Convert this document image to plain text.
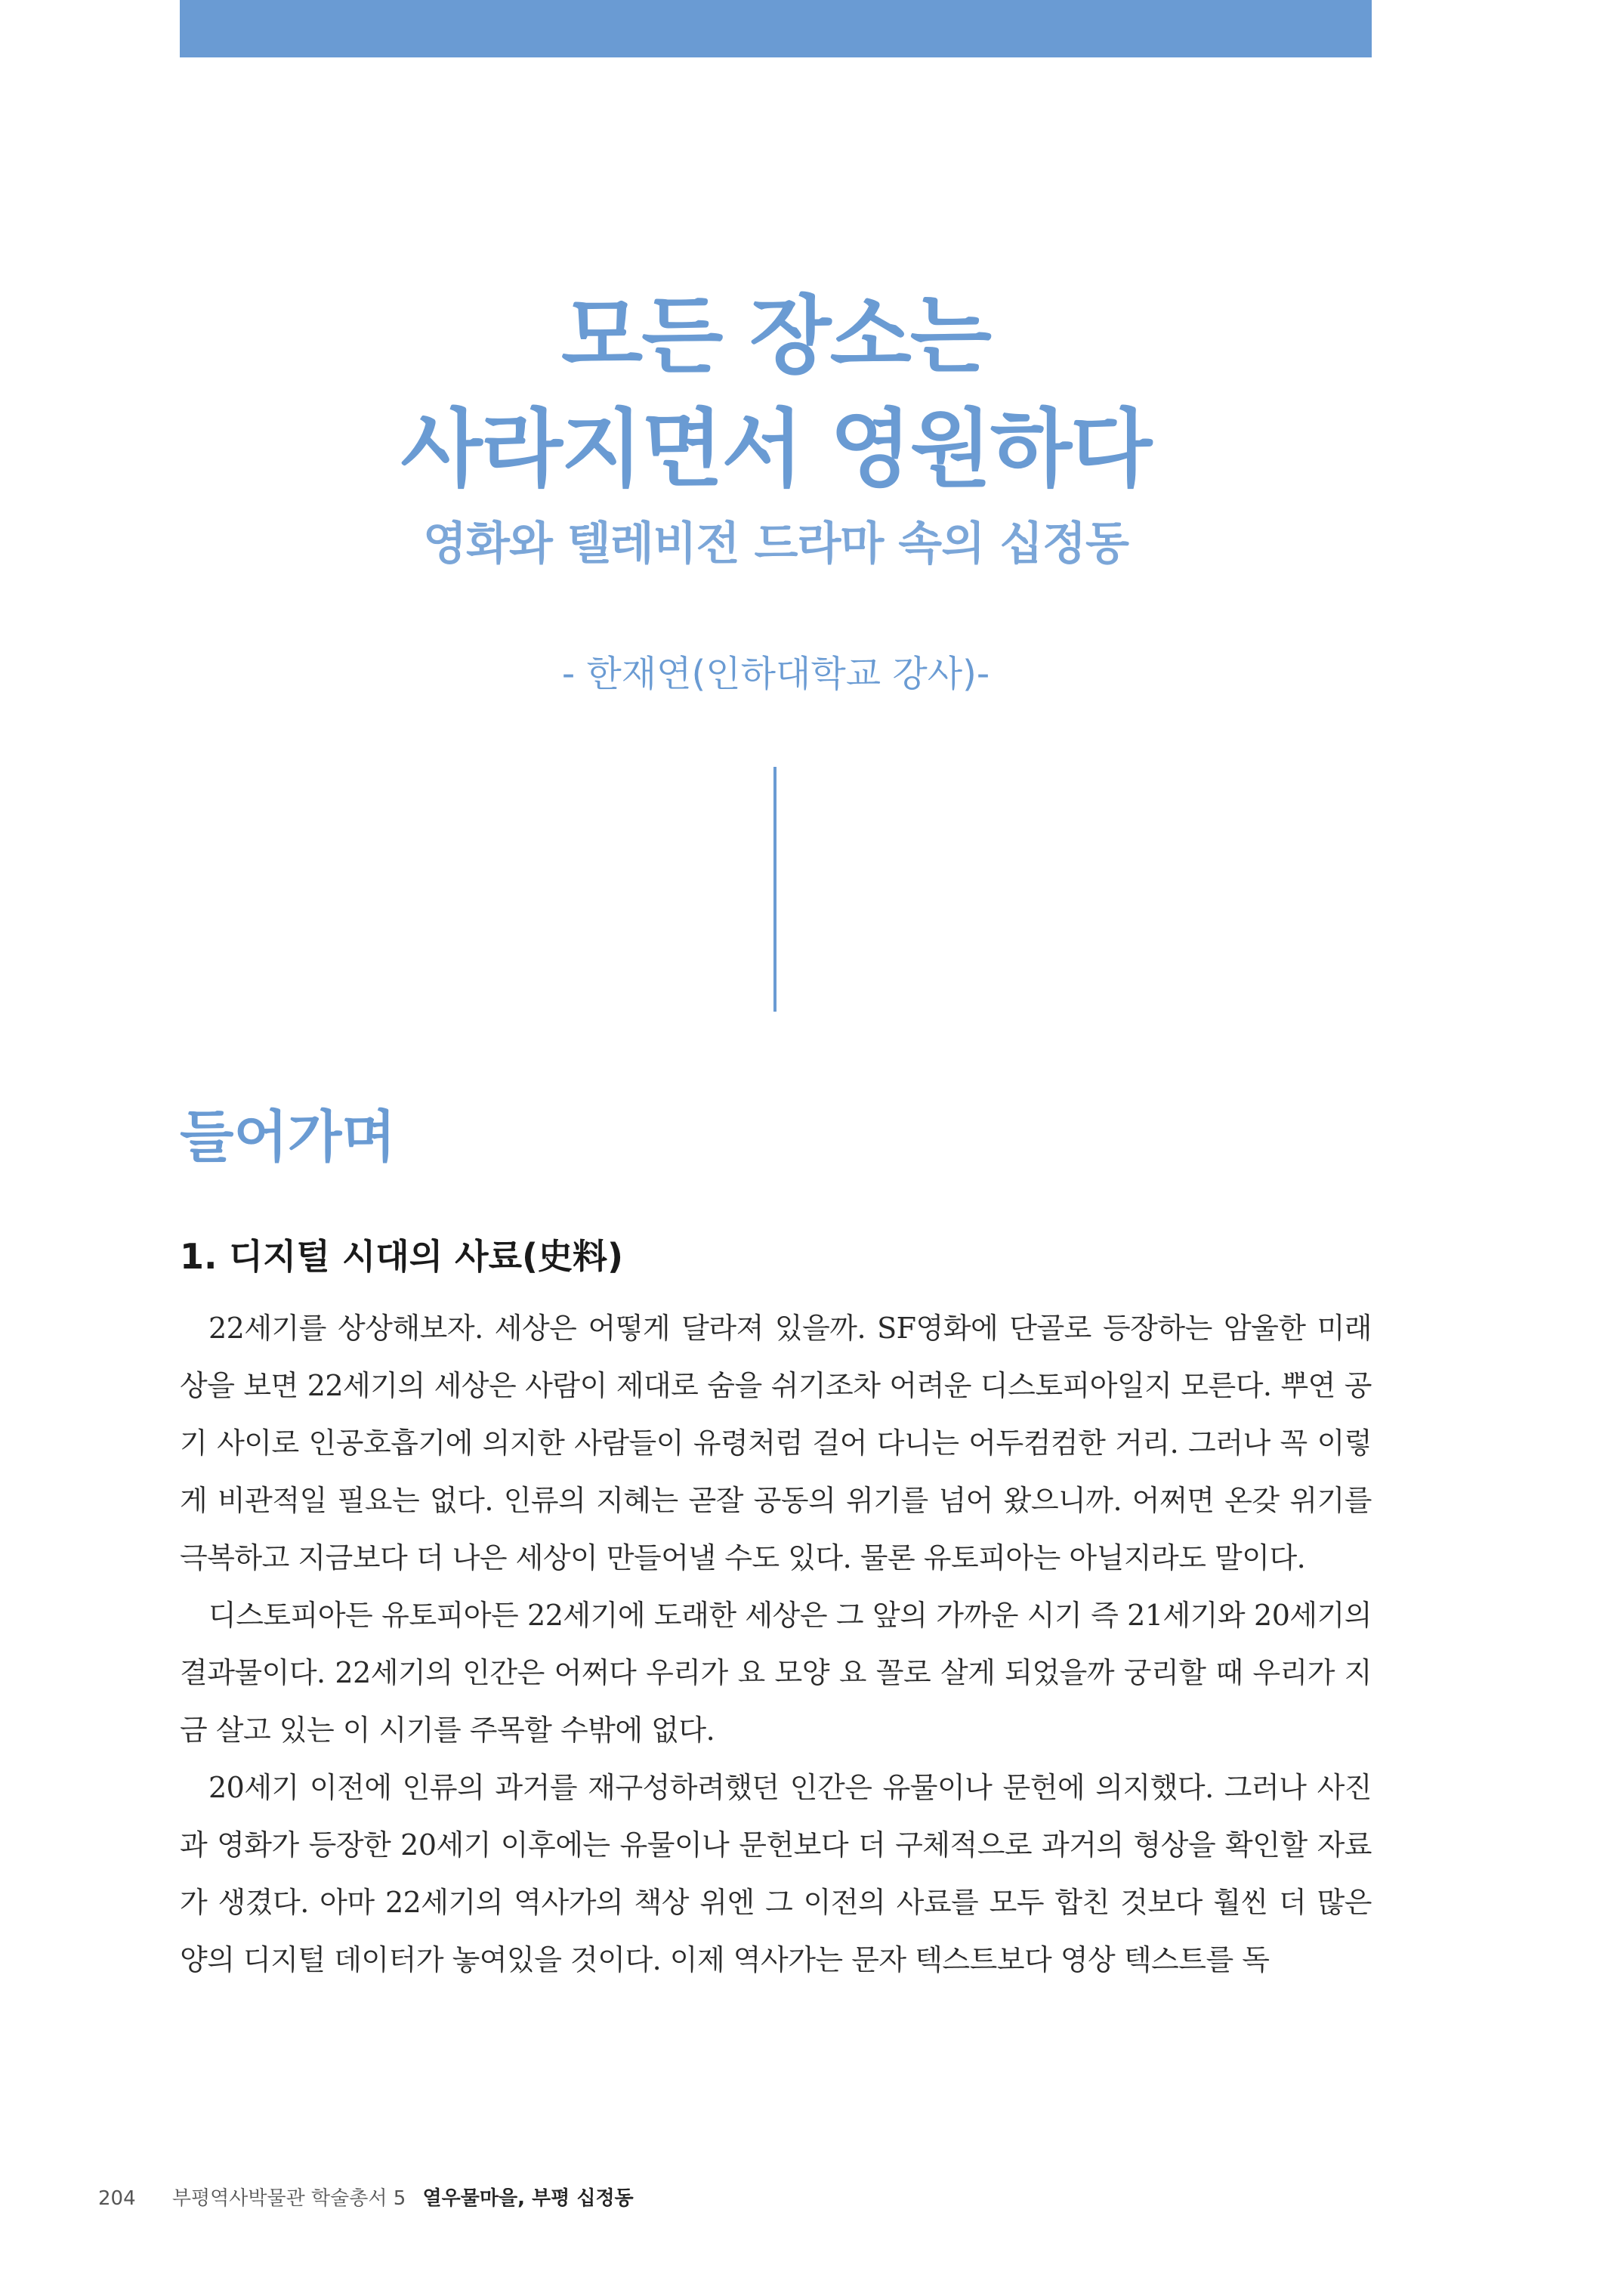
모든 장소는
사라지면서 영원하다
영화와 텔레비전 드라마 속의 십정동
- 한재연(인하대학교 강사)-
들어가며
1. 디지털 시대의 사료(史料)

22세기를 상상해보자. 세상은 어떻게 달라져 있을까. SF영화에 단골로 등장하는 암울한 미래상을 보면 22세기의 세상은 사람이 제대로 숨을 쉬기조차 어려운 디스토피아일지 모른다. 뿌연 공기 사이로 인공호흡기에 의지한 사람들이 유령처럼 걸어 다니는 어두컴컴한 거리. 그러나 꼭 이렇게 비관적일 필요는 없다. 인류의 지혜는 곧잘 공동의 위기를 넘어 왔으니까. 어쩌면 온갖 위기를 극복하고 지금보다 더 나은 세상이 만들어낼 수도 있다. 물론 유토피아는 아닐지라도 말이다.

디스토피아든 유토피아든 22세기에 도래한 세상은 그 앞의 가까운 시기 즉 21세기와 20세기의 결과물이다. 22세기의 인간은 어쩌다 우리가 요 모양 요 꼴로 살게 되었을까 궁리할 때 우리가 지금 살고 있는 이 시기를 주목할 수밖에 없다.

20세기 이전에 인류의 과거를 재구성하려했던 인간은 유물이나 문헌에 의지했다. 그러나 사진과 영화가 등장한 20세기 이후에는 유물이나 문헌보다 더 구체적으로 과거의 형상을 확인할 자료가 생겼다. 아마 22세기의 역사가의 책상 위엔 그 이전의 사료를 모두 합친 것보다 훨씬 더 많은 양의 디지털 데이터가 놓여있을 것이다. 이제 역사가는 문자 텍스트보다 영상 텍스트를 독

204 부평역사박물관 학술총서 5 열우물마을, 부평 십정동
